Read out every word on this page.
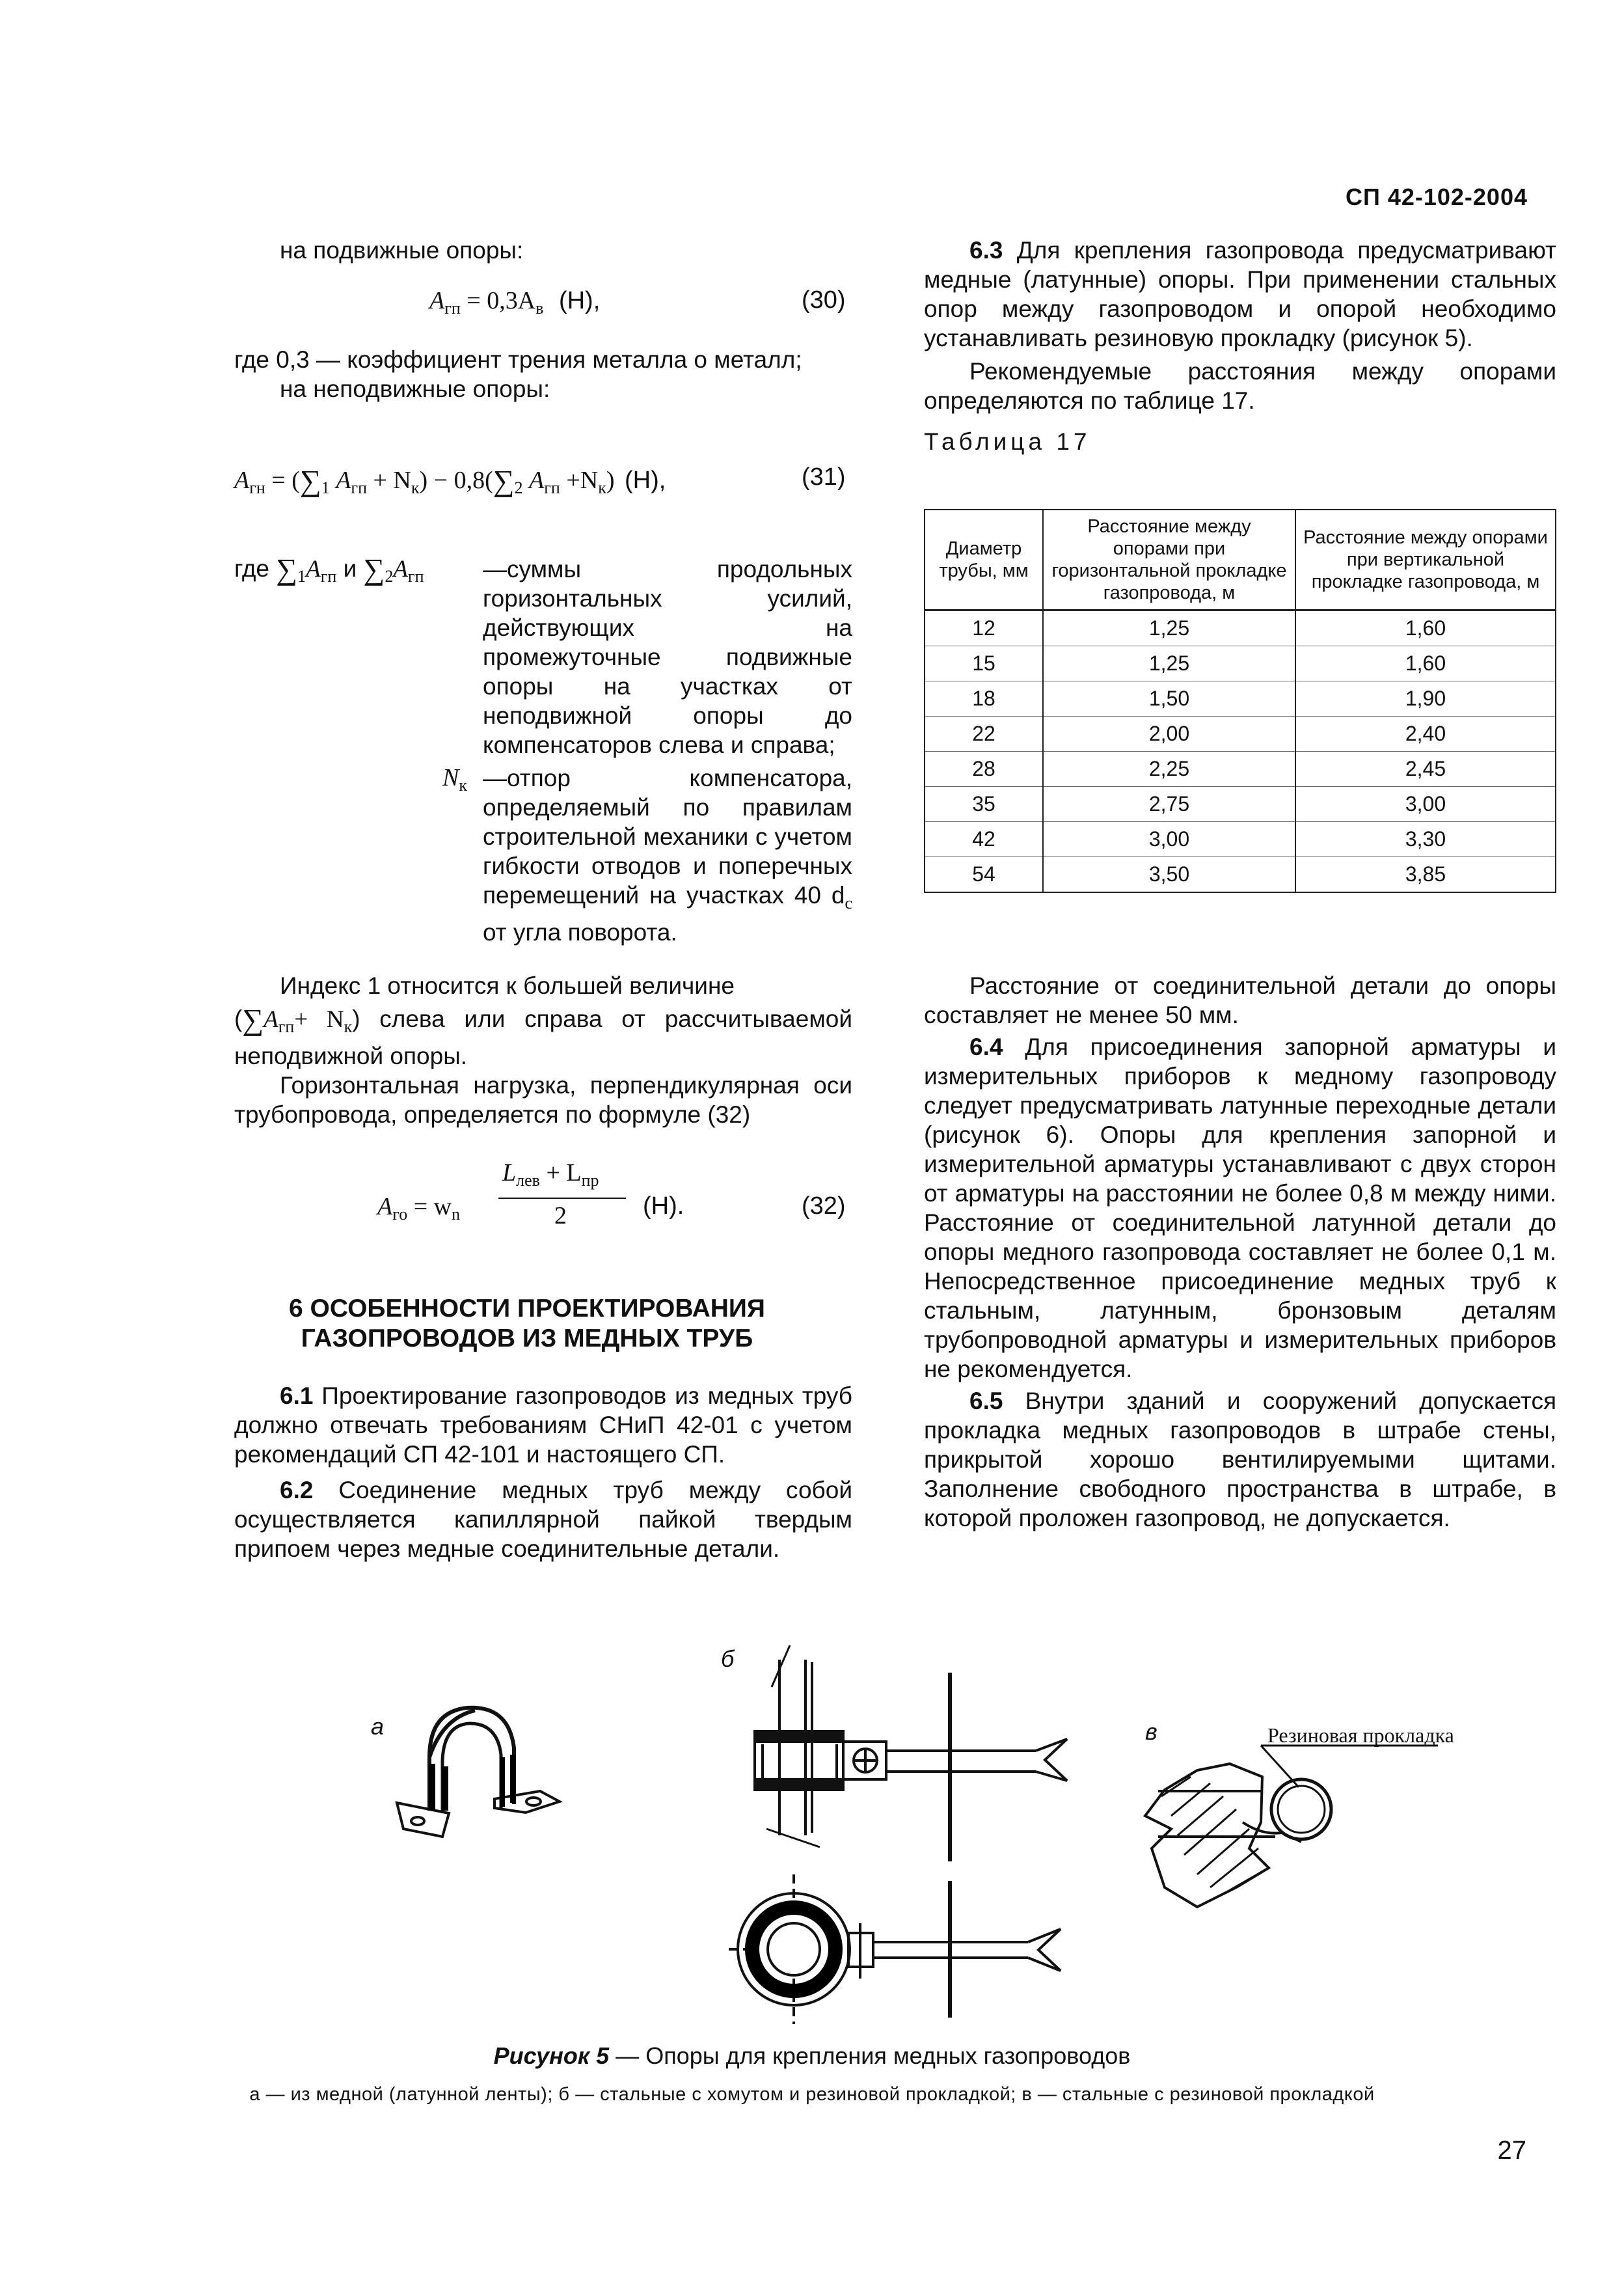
СП 42-102-2004

на подвижные опоры:

$A_{гп} = 0,3A_в$ (Н),	(30)

где 0,3 — коэффициент трения металла о металл;

на неподвижные опоры:

$A_{гн} = (\sum_1$ $A_{гп} + N_к) - 0,8(\sum_2$ $A_{гп} +N_к$) (Н),	(31)
где $\sum_1A_{гп}$ и $\sum_2A_{гп}$ —суммы продольных горизонтальных усилий, действующих на промежуточные подвижные опоры на участках от неподвижной опоры до компенсаторов слева и справа;

$N_к$ —отпор компенсатора, определяемый по правилам строительной механики с учетом гибкости отводов и поперечных перемещений на участках 40 $d_с$ от угла поворота.

Индекс 1 относится к большей величине

$(\sum A_{гп}+ N_к)$ слева или справа от рассчитываемой неподвижной опоры.

Горизонтальная нагрузка, перпендикулярная оси трубопровода, определяется по формуле (32)

$A_{го} = w_n$
$L_{лев} + L_{пр}$
2	(Н).	(32)
6 ОСОБЕННОСТИ ПРОЕКТИРОВАНИЯ ГАЗОПРОВОДОВ ИЗ МЕДНЫХ ТРУБ

6.1 Проектирование газопроводов из медных труб должно отвечать требованиям СНиП 42-01 с учетом рекомендаций СП 42-101 и настоящего СП.

6.2 Соединение медных труб между собой осуществляется капиллярной пайкой твердым припоем через медные соединительные детали.

6.3 Для крепления газопровода предусматривают медные (латунные) опоры. При применении стальных опор между газопроводом и опорой необходимо устанавливать резиновую прокладку (рисунок 5).

Рекомендуемые расстояния между опорами определяются по таблице 17.

Таблица 17

Диаметр трубы, мм	Расстояние между опорами при горизонтальной прокладке газопровода, м	Расстояние между опорами при вертикальной прокладке газопровода, м
12	1,25	1,60
15	1,25	1,60
18	1,50	1,90
22	2,00	2,40
28	2,25	2,45
35	2,75	3,00
42	3,00	3,30
54	3,50	3,85

Расстояние от соединительной детали до опоры составляет не менее 50 мм.

6.4 Для присоединения запорной арматуры и измерительных приборов к медному газопроводу следует предусматривать латунные переходные детали (рисунок 6). Опоры для крепления запорной и измерительной арматуры устанавливают с двух сторон от арматуры на расстоянии не более 0,8 м между ними. Расстояние от соединительной латунной детали до опоры медного газопровода составляет не более 0,1 м. Непосредственное присоединение медных труб к стальным, латунным, бронзовым деталям трубопроводной арматуры и измерительных приборов не рекомендуется.

6.5 Внутри зданий и сооружений допускается прокладка медных газопроводов в штрабе стены, прикрытой хорошо вентилируемыми щитами. Заполнение свободного пространства в штрабе, в которой проложен газопровод, не допускается.

а
б
в	Резиновая прокладка
Рисунок 5 — Опоры для крепления медных газопроводов
а — из медной (латунной ленты); б — стальные с хомутом и резиновой прокладкой; в — стальные с резиновой прокладкой
27
